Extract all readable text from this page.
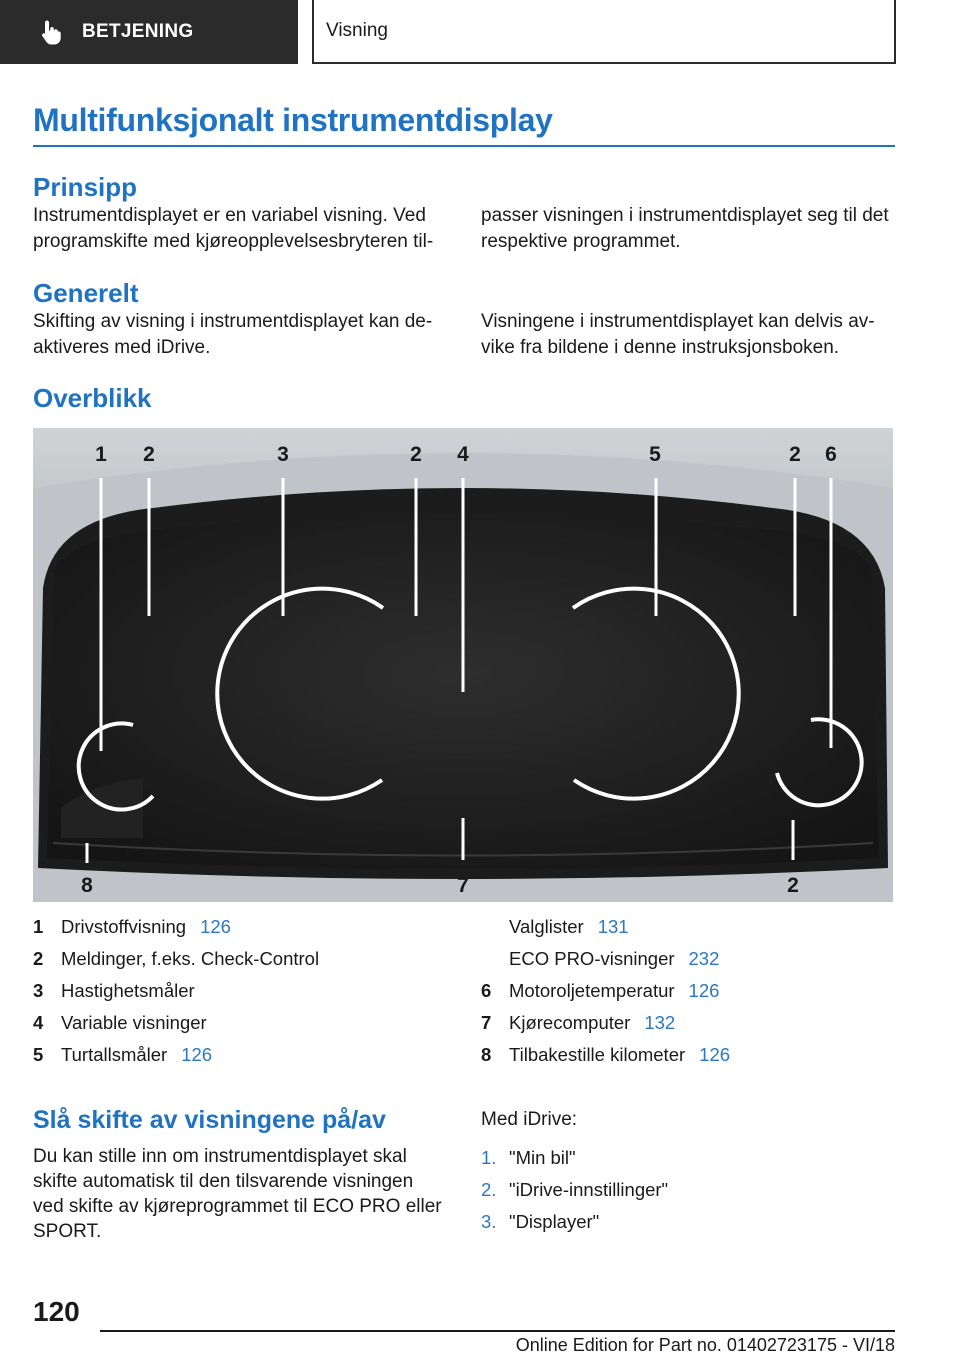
BETJENING	Visning
Multifunksjonalt instrumentdisplay
Prinsipp
Instrumentdisplayet er en variabel visning. Ved
programskifte med kjøreopplevelsesbryteren til-
passer visningen i instrumentdisplayet seg til det
respektive programmet.
Generelt
Skifting av visning i instrumentdisplayet kan de-
aktiveres med iDrive.
Visningene i instrumentdisplayet kan delvis av-
vike fra bildene i denne instruksjonsboken.
Overblikk
1 2	3	2 4	5	2 6
8	7	2
1 Drivstoffvisning 126
2 Meldinger, f.eks. Check-Control
3 Hastighetsmåler
4 Variable visninger
5 Turtallsmåler 126
Valglister 131
ECO PRO-visninger 232
6 Motoroljetemperatur 126
7 Kjørecomputer 132
8 Tilbakestille kilometer 126
Slå skifte av visningene på/av
Du kan stille inn om instrumentdisplayet skal
skifte automatisk til den tilsvarende visningen
ved skifte av kjøreprogrammet til ECO PRO eller
SPORT.
Med iDrive:
1. "Min bil"
2. "iDrive-innstillinger"
3. "Displayer"
120
Online Edition for Part no. 01402723175 - VI/18
